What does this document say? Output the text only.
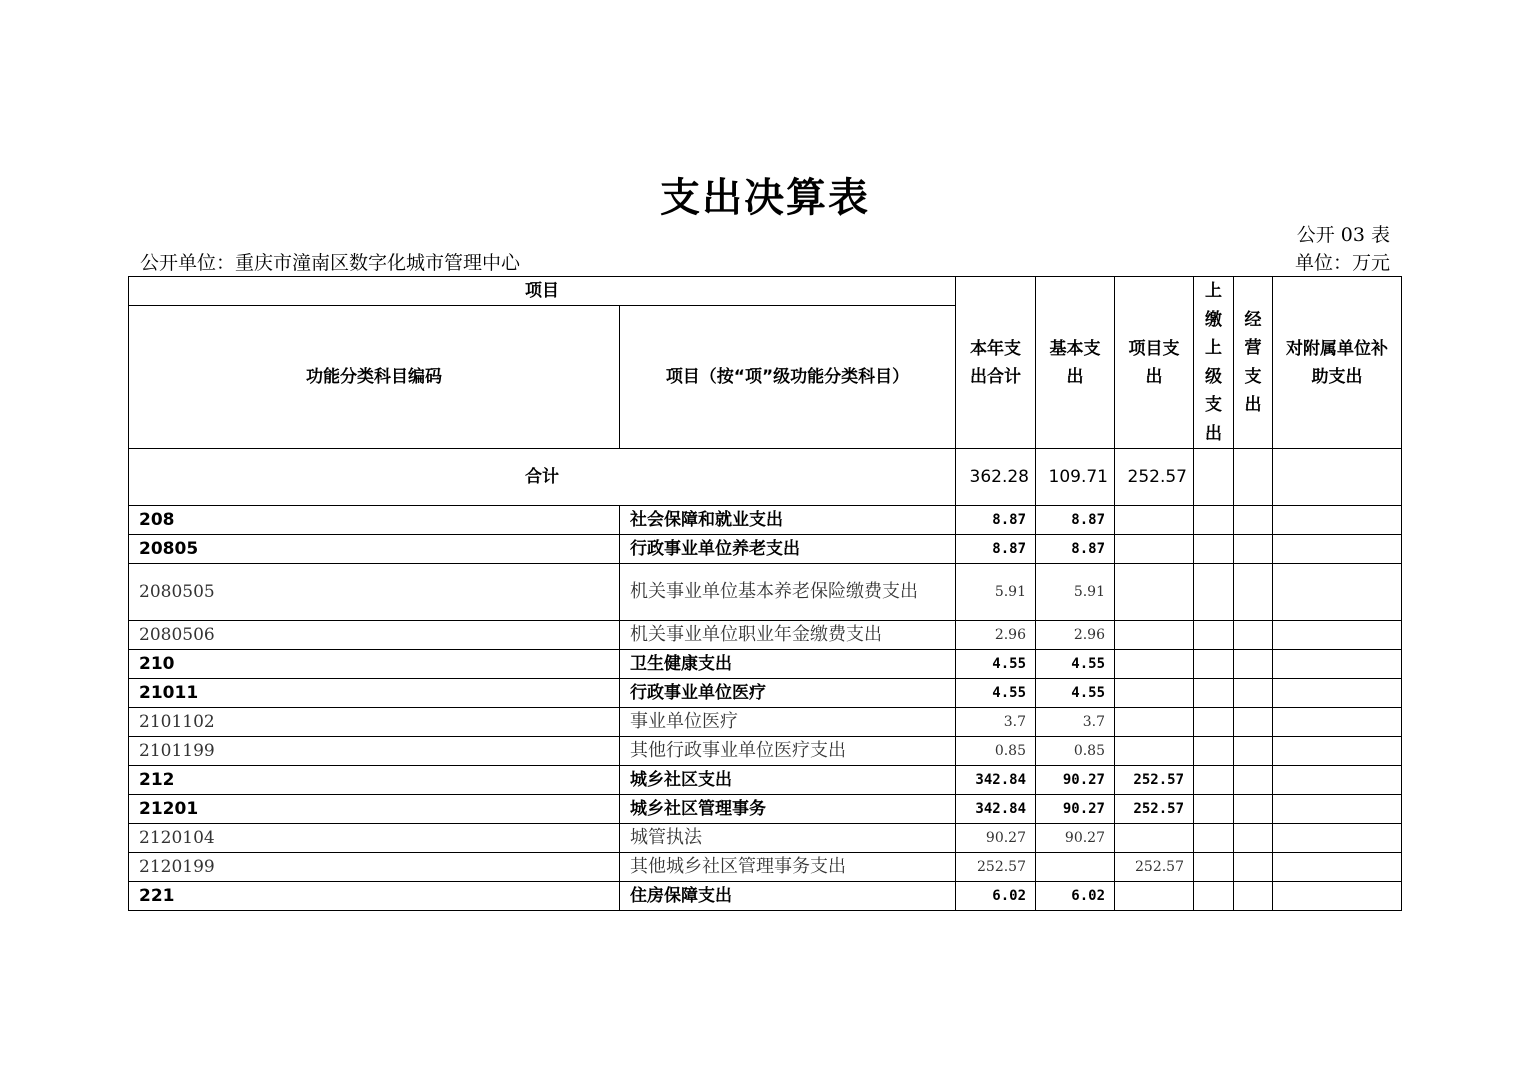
支出决算表
公开 03 表
公开单位：重庆市潼南区数字化城市管理中心	单位：万元
项目		本年支出合计	基本支出	项目支出	上缴上级支出	经营支出	对附属单位补助支出

功能分类科目编码	项目（按“项”级功能分类科目）						
合计		362.28	109.71	252.57			
208	社会保障和就业支出	8.87	8.87				
20805	行政事业单位养老支出	8.87	8.87				
2080505	机关事业单位基本养老保险缴费支出	5.91	5.91				
2080506	机关事业单位职业年金缴费支出	2.96	2.96				
210	卫生健康支出	4.55	4.55				
21011	行政事业单位医疗	4.55	4.55				
2101102	事业单位医疗	3.7	3.7				
2101199	其他行政事业单位医疗支出	0.85	0.85				
212	城乡社区支出	342.84	90.27	252.57			
21201	城乡社区管理事务	342.84	90.27	252.57			
2120104	城管执法	90.27	90.27				
2120199	其他城乡社区管理事务支出	252.57		252.57			
221	住房保障支出	6.02	6.02				
